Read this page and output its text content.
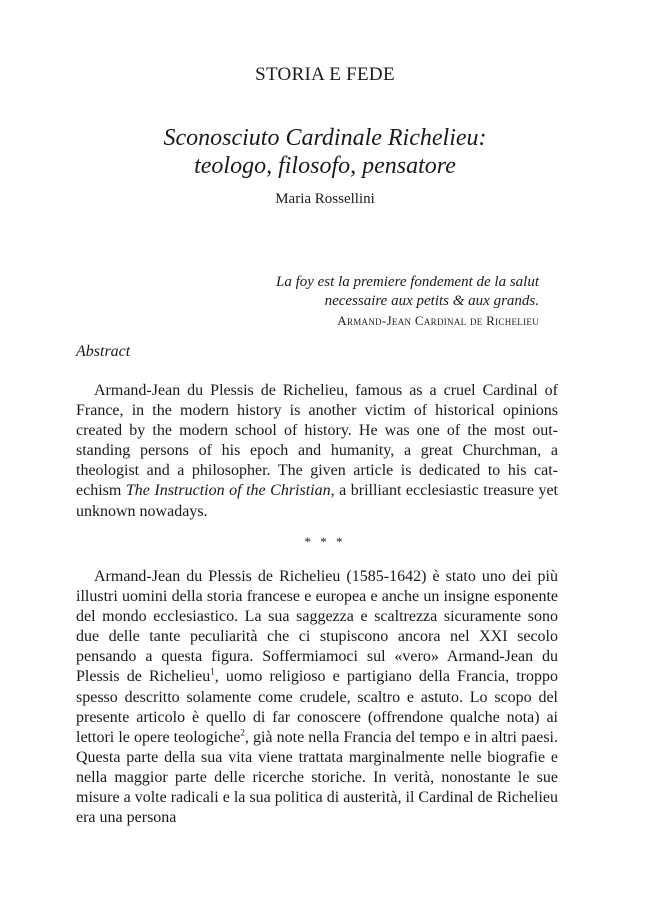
STORIA E FEDE
Sconosciuto Cardinale Richelieu:
teologo, filosofo, pensatore
Maria Rossellini
La foy est la premiere fondement de la salut
necessaire aux petits & aux grands.
Armand-Jean Cardinal de Richelieu
Abstract

Armand-Jean du Plessis de Richelieu, famous as a cruel Cardinal of France, in the modern history is another victim of historical opinions created by the modern school of history. He was one of the most outstanding persons of his epoch and humanity, a great Churchman, a theologist and a philosopher. The given article is dedicated to his catechism The Instruction of the Christian, a brilliant ecclesiastic treasure yet unknown nowadays.

* * *

Armand-Jean du Plessis de Richelieu (1585-1642) è stato uno dei più illustri uomini della storia francese e europea e anche un insigne esponente del mondo ecclesiastico. La sua saggezza e scaltrezza sicuramente sono due delle tante peculiarità che ci stupiscono ancora nel XXI secolo pensando a questa figura. Soffermiamoci sul «vero» Armand-Jean du Plessis de Richelieu$^1$, uomo religioso e partigiano della Francia, troppo spesso descritto solamente come crudele, scaltro e astuto. Lo scopo del presente articolo è quello di far conoscere (offrendone qualche nota) ai lettori le opere teologiche$^2$, già note nella Francia del tempo e in altri paesi. Questa parte della sua vita viene trattata marginalmente nelle biografie e nella maggior parte delle ricerche storiche. In verità, nonostante le sue misure a volte radicali e la sua politica di austerità, il Cardinal de Richelieu era una persona
